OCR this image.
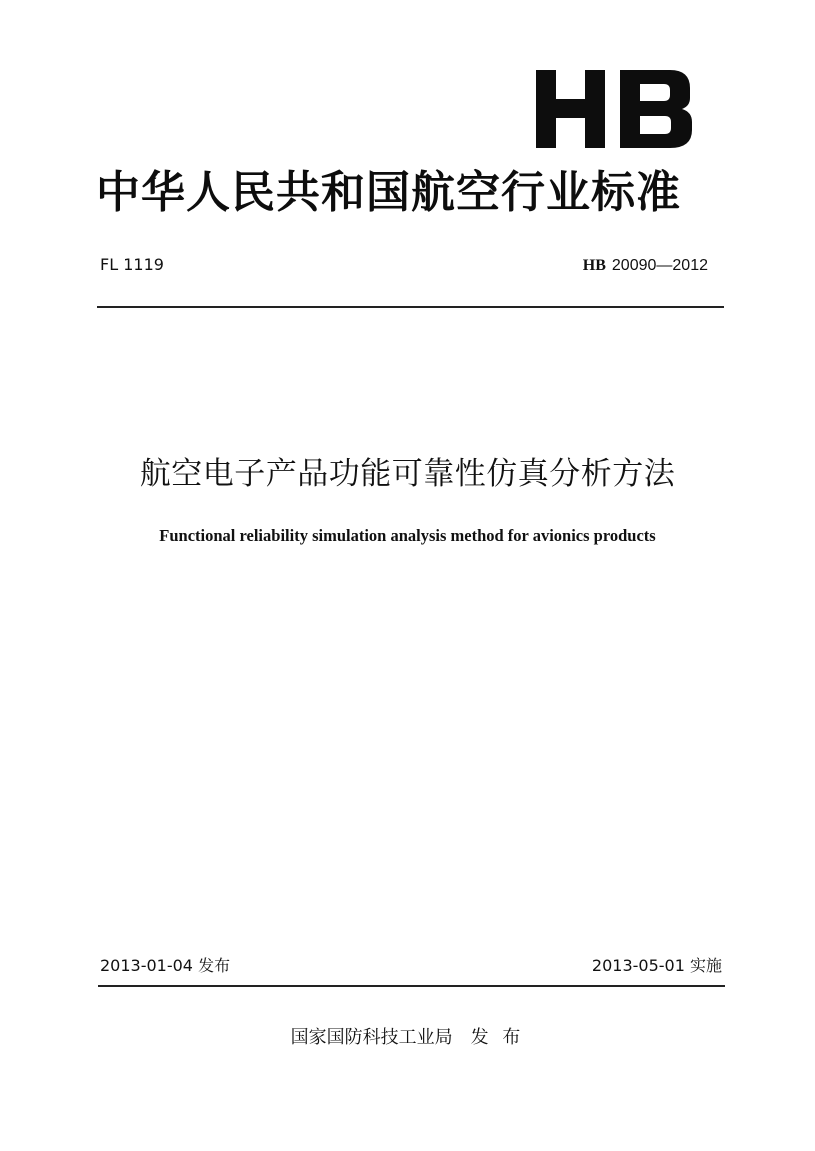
中华人民共和国航空行业标准
FL 1119	HB 20090—2012
航空电子产品功能可靠性仿真分析方法
Functional reliability simulation analysis method for avionics products
2013-01-04 发布	2013-05-01 实施
国家国防科技工业局 发 布
